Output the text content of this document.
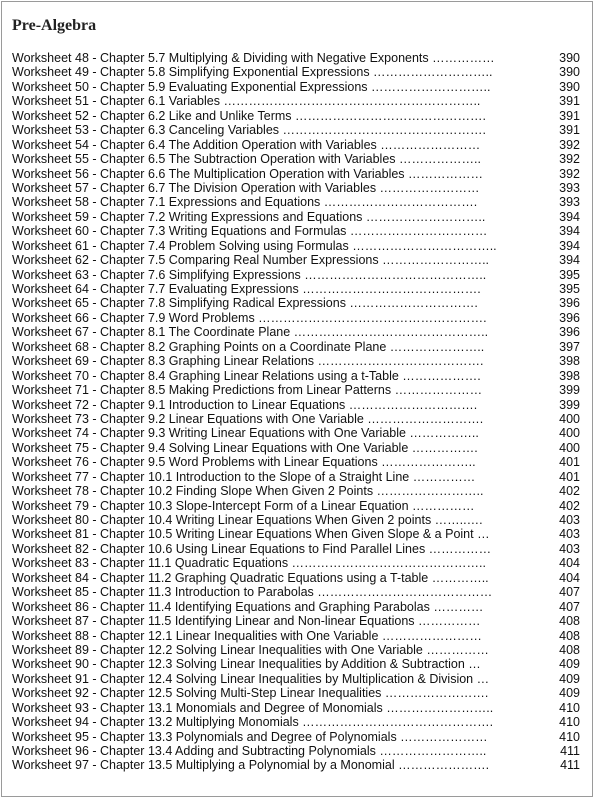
Pre-Algebra
Worksheet 48 - Chapter 5.7 Multiplying & Dividing with Negative Exponents ……………	390
Worksheet 49 - Chapter 5.8 Simplifying Exponential Expressions ………………………..	390
Worksheet 50 - Chapter 5.9 Evaluating Exponential Expressions ………………………..	390
Worksheet 51 - Chapter 6.1 Variables ……………………………………………………..	391
Worksheet 52 - Chapter 6.2 Like and Unlike Terms ……………………………………….	391
Worksheet 53 - Chapter 6.3 Canceling Variables ………………………………………….	391
Worksheet 54 - Chapter 6.4 The Addition Operation with Variables ……………………	392
Worksheet 55 - Chapter 6.5 The Subtraction Operation with Variables ………………..	392
Worksheet 56 - Chapter 6.6 The Multiplication Operation with Variables ………………	392
Worksheet 57 - Chapter 6.7 The Division Operation with Variables ……………………	393
Worksheet 58 - Chapter 7.1 Expressions and Equations ……………………………….	393
Worksheet 59 - Chapter 7.2 Writing Expressions and Equations ………………………..	394
Worksheet 60 - Chapter 7.3 Writing Equations and Formulas ……………………………	394
Worksheet 61 - Chapter 7.4 Problem Solving using Formulas ……………………………..	394
Worksheet 62 - Chapter 7.5 Comparing Real Number Expressions ……………………..	394
Worksheet 63 - Chapter 7.6 Simplifying Expressions ……………………………………..	395
Worksheet 64 - Chapter 7.7 Evaluating Expressions …………………………………….	395
Worksheet 65 - Chapter 7.8 Simplifying Radical Expressions ………………………….	396
Worksheet 66 - Chapter 7.9 Word Problems ……………………………………………….	396
Worksheet 67 - Chapter 8.1 The Coordinate Plane ………………………………………..	396
Worksheet 68 - Chapter 8.2 Graphing Points on a Coordinate Plane …………………..	397
Worksheet 69 - Chapter 8.3 Graphing Linear Relations ………………………………….	398
Worksheet 70 - Chapter 8.4 Graphing Linear Relations using a t-Table ……………….	398
Worksheet 71 - Chapter 8.5 Making Predictions from Linear Patterns …………………	399
Worksheet 72 - Chapter 9.1 Introduction to Linear Equations ………………………….	399
Worksheet 73 - Chapter 9.2 Linear Equations with One Variable ……………………….	400
Worksheet 74 - Chapter 9.3 Writing Linear Equations with One Variable ……………..	400
Worksheet 75 - Chapter 9.4 Solving Linear Equations with One Variable …………….	400
Worksheet 76 - Chapter 9.5 Word Problems with Linear Equations …………………..	401
Worksheet 77 - Chapter 10.1 Introduction to the Slope of a Straight Line ……………	401
Worksheet 78 - Chapter 10.2 Finding Slope When Given 2 Points ……………………..	402
Worksheet 79 - Chapter 10.3 Slope-Intercept Form of a Linear Equation ……………	402
Worksheet 80 - Chapter 10.4 Writing Linear Equations When Given 2 points ……..….	403
Worksheet 81 - Chapter 10.5 Writing Linear Equations When Given Slope & a Point …	403
Worksheet 82 - Chapter 10.6 Using Linear Equations to Find Parallel Lines ……………	403
Worksheet 83 - Chapter 11.1 Quadratic Equations ………………………………………..	404
Worksheet 84 - Chapter 11.2 Graphing Quadratic Equations using a T-table …………..	404
Worksheet 85 - Chapter 11.3 Introduction to Parabolas ……………………………………	407
Worksheet 86 - Chapter 11.4 Identifying Equations and Graphing Parabolas …………	407
Worksheet 87 - Chapter 11.5 Identifying Linear and Non-linear Equations ……………	408
Worksheet 88 - Chapter 12.1 Linear Inequalities with One Variable ……………………	408
Worksheet 89 - Chapter 12.2 Solving Linear Inequalities with One Variable ……………	408
Worksheet 90 - Chapter 12.3 Solving Linear Inequalities by Addition & Subtraction …	409
Worksheet 91 - Chapter 12.4 Solving Linear Inequalities by Multiplication & Division …	409
Worksheet 92 - Chapter 12.5 Solving Multi-Step Linear Inequalities …………………….	409
Worksheet 93 - Chapter 13.1 Monomials and Degree of Monomials ……………………..	410
Worksheet 94 - Chapter 13.2 Multiplying Monomials ……………………………………….	410
Worksheet 95 - Chapter 13.3 Polynomials and Degree of Polynomials …………………	410
Worksheet 96 - Chapter 13.4 Adding and Subtracting Polynomials ……………………..	411
Worksheet 97 - Chapter 13.5 Multiplying a Polynomial by a Monomial ………………….	411
